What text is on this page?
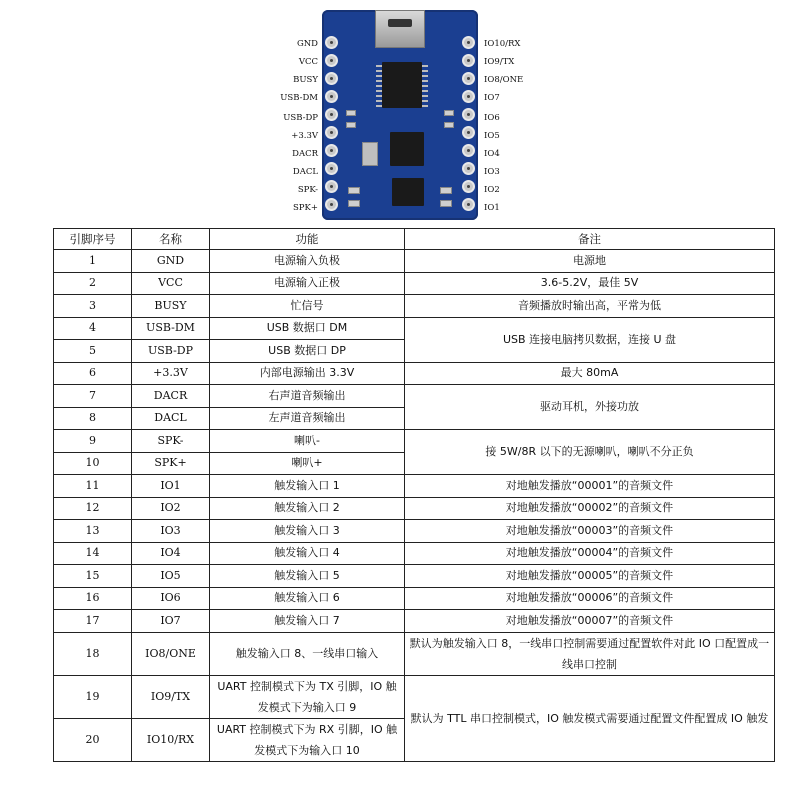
GND
VCC
BUSY
USB-DM
USB-DP
+3.3V
DACR
DACL
SPK-
SPK+
IO10/RX
IO9/TX
IO8/ONE
IO7
IO6
IO5
IO4
IO3
IO2
IO1
引脚序号	名称	功能	备注
1	GND	电源输入负极	电源地
2	VCC	电源输入正极	3.6-5.2V，最佳 5V
3	BUSY	忙信号	音频播放时输出高，平常为低
4	USB-DM	USB 数据口 DM	USB 连接电脑拷贝数据，连接 U 盘
5	USB-DP	USB 数据口 DP	
6	+3.3V	内部电源输出 3.3V	最大 80mA
7	DACR	右声道音频输出	驱动耳机，外接功放
8	DACL	左声道音频输出	
9	SPK-	喇叭-	接 5W/8R 以下的无源喇叭，喇叭不分正负
10	SPK+	喇叭+	
11	IO1	触发输入口 1	对地触发播放“00001”的音频文件
12	IO2	触发输入口 2	对地触发播放“00002”的音频文件
13	IO3	触发输入口 3	对地触发播放“00003”的音频文件
14	IO4	触发输入口 4	对地触发播放“00004”的音频文件
15	IO5	触发输入口 5	对地触发播放“00005”的音频文件
16	IO6	触发输入口 6	对地触发播放“00006”的音频文件
17	IO7	触发输入口 7	对地触发播放“00007”的音频文件
18	IO8/ONE	触发输入口 8、一线串口输入	默认为触发输入口 8，一线串口控制需要通过配置软件对此 IO 口配置成一线串口控制
19	IO9/TX	UART 控制模式下为 TX 引脚，IO 触发模式下为输入口 9	默认为 TTL 串口控制模式，IO 触发模式需要通过配置文件配置成 IO 触发
20	IO10/RX	UART 控制模式下为 RX 引脚，IO 触发模式下为输入口 10	
